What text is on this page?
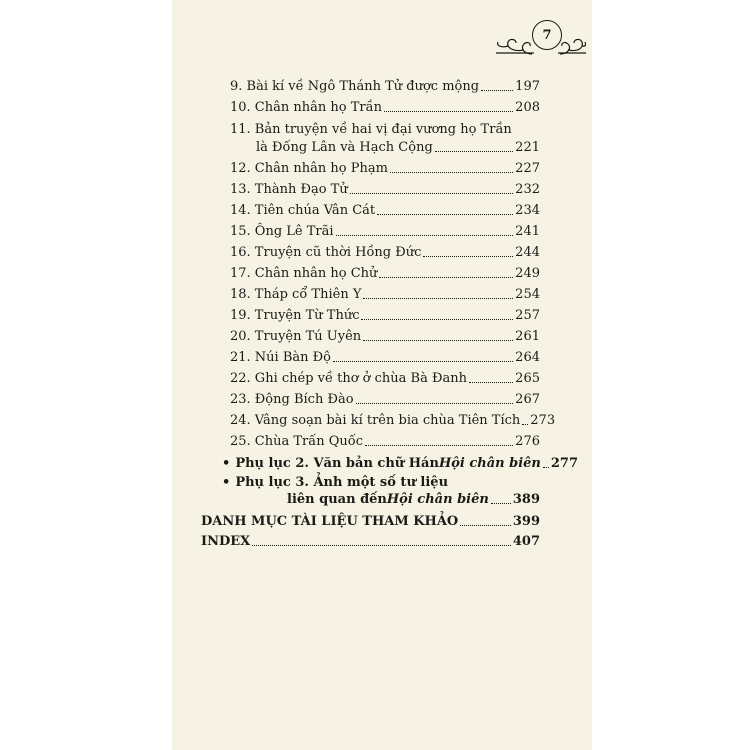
7
9. Bài kí về Ngô Thánh Tử được mộng	197
10. Chân nhân họ Trần	208
11. Bản truyện về hai vị đại vương họ Trần
là Đống Lân và Hạch Cộng	221
12. Chân nhân họ Phạm	227
13. Thành Đạo Tử	232
14. Tiên chúa Vân Cát	234
15. Ông Lê Trãi	241
16. Truyện cũ thời Hồng Đức	244
17. Chân nhân họ Chử	249
18. Tháp cổ Thiên Y	254
19. Truyện Từ Thức	257
20. Truyện Tú Uyên	261
21. Núi Bàn Độ	264
22. Ghi chép về thơ ở chùa Bà Đanh	265
23. Động Bích Đào	267
24. Vâng soạn bài kí trên bia chùa Tiên Tích 273
25. Chùa Trấn Quốc	276
• Phụ lục 2. Văn bản chữ Hán Hội chân biên 277
• Phụ lục 3. Ảnh một số tư liệu
liên quan đến Hội chân biên 389
DANH MỤC TÀI LIỆU THAM KHẢO	399
INDEX	407
